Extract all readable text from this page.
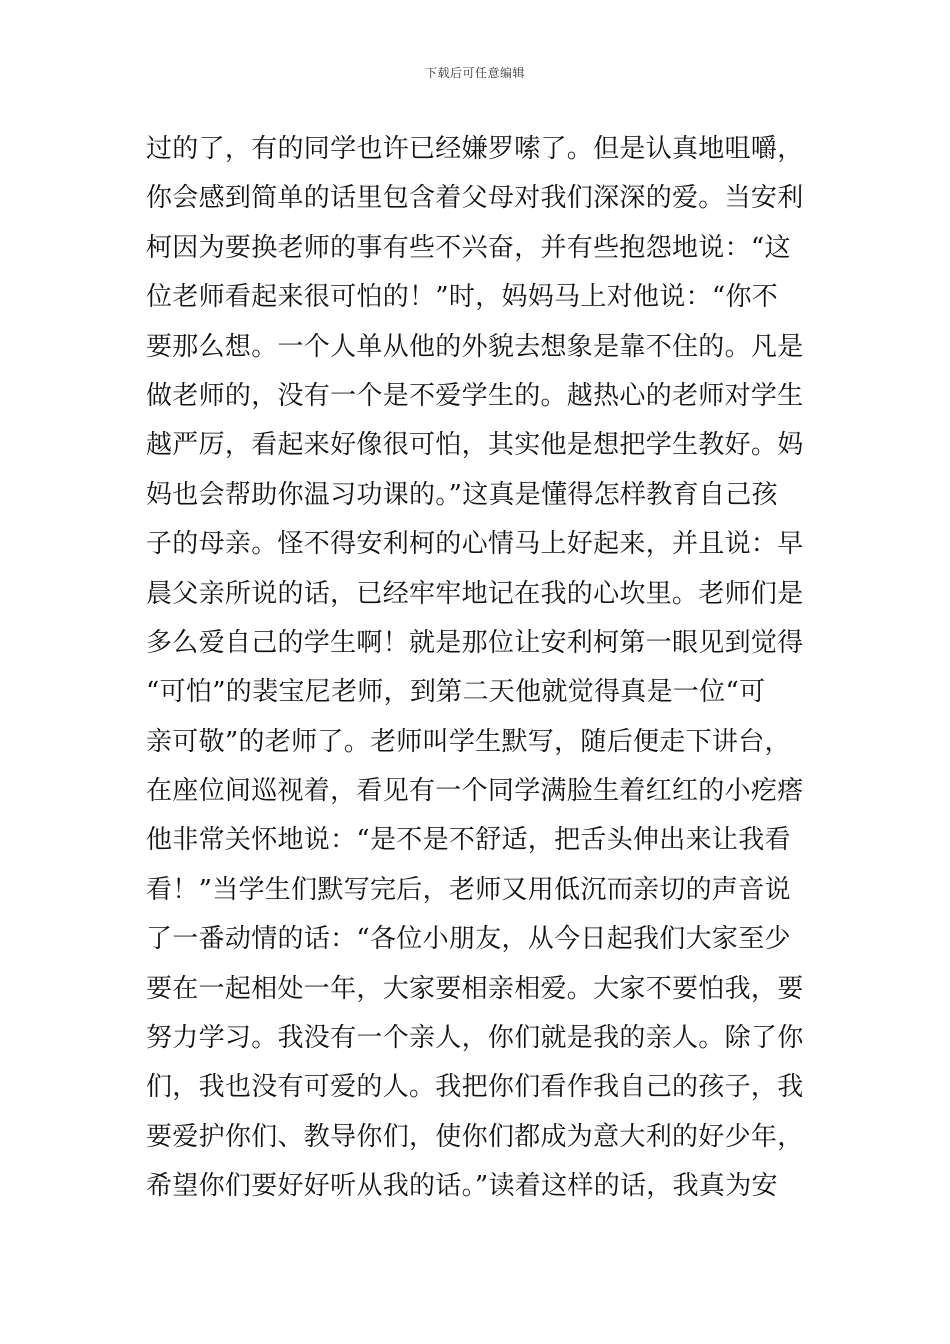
下载后可任意编辑
过的了，有的同学也许已经嫌罗嗦了。但是认真地咀嚼，
你会感到简单的话里包含着父母对我们深深的爱。当安利
柯因为要换老师的事有些不兴奋，并有些抱怨地说：“这
位老师看起来很可怕的！”时，妈妈马上对他说：“你不
要那么想。一个人单从他的外貌去想象是靠不住的。凡是
做老师的，没有一个是不爱学生的。越热心的老师对学生
越严厉，看起来好像很可怕，其实他是想把学生教好。妈
妈也会帮助你温习功课的。”这真是懂得怎样教育自己孩
子的母亲。怪不得安利柯的心情马上好起来，并且说：早
晨父亲所说的话，已经牢牢地记在我的心坎里。老师们是
多么爱自己的学生啊！就是那位让安利柯第一眼见到觉得
“可怕”的裴宝尼老师，到第二天他就觉得真是一位“可
亲可敬”的老师了。老师叫学生默写，随后便走下讲台，
在座位间巡视着，看见有一个同学满脸生着红红的小疙瘩
他非常关怀地说：“是不是不舒适，把舌头伸出来让我看
看！”当学生们默写完后，老师又用低沉而亲切的声音说
了一番动情的话：“各位小朋友，从今日起我们大家至少
要在一起相处一年，大家要相亲相爱。大家不要怕我，要
努力学习。我没有一个亲人，你们就是我的亲人。除了你
们，我也没有可爱的人。我把你们看作我自己的孩子，我
要爱护你们、教导你们，使你们都成为意大利的好少年，
希望你们要好好听从我的话。”读着这样的话，我真为安
